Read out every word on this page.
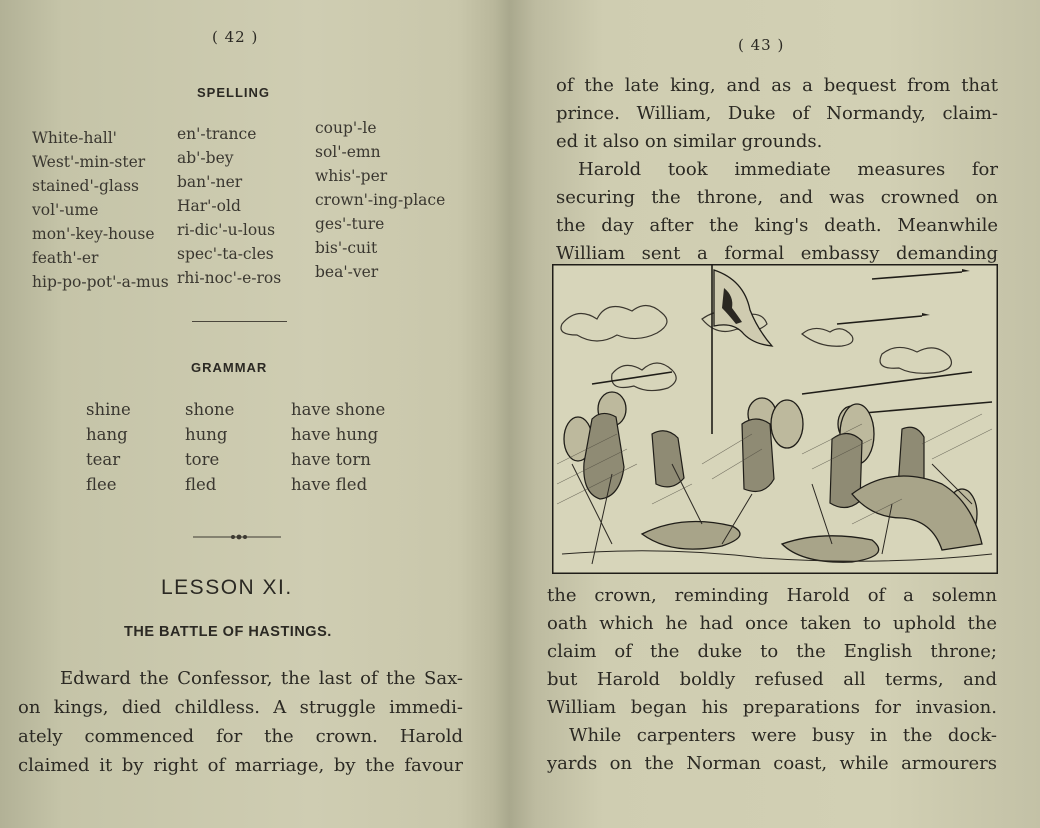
( 42 )
SPELLING
White-hall'
West'-min-ster
stained'-glass
vol'-ume
mon'-key-house
feath'-er
hip-po-pot'-a-mus
en'-trance
ab'-bey
ban'-ner
Har'-old
ri-dic'-u-lous
spec'-ta-cles
rhi-noc'-e-ros
coup'-le
sol'-emn
whis'-per
crown'-ing-place
ges'-ture
bis'-cuit
bea'-ver
GRAMMAR
shine
hang
tear
flee
shone
hung
tore
fled
have shone
have hung
have torn
have fled
LESSON XI.
THE BATTLE OF HASTINGS.
Edward the Confessor, the last of the Sax-
on kings, died childless. A struggle immedi-
ately commenced for the crown. Harold
claimed it by right of marriage, by the favour
( 43 )
of the late king, and as a bequest from that
prince. William, Duke of Normandy, claim-
ed it also on similar grounds.
Harold took immediate measures for
securing the throne, and was crowned on
the day after the king's death. Meanwhile
William sent a formal embassy demanding
the crown, reminding Harold of a solemn
oath which he had once taken to uphold the
claim of the duke to the English throne;
but Harold boldly refused all terms, and
William began his preparations for invasion.
While carpenters were busy in the dock-
yards on the Norman coast, while armourers
